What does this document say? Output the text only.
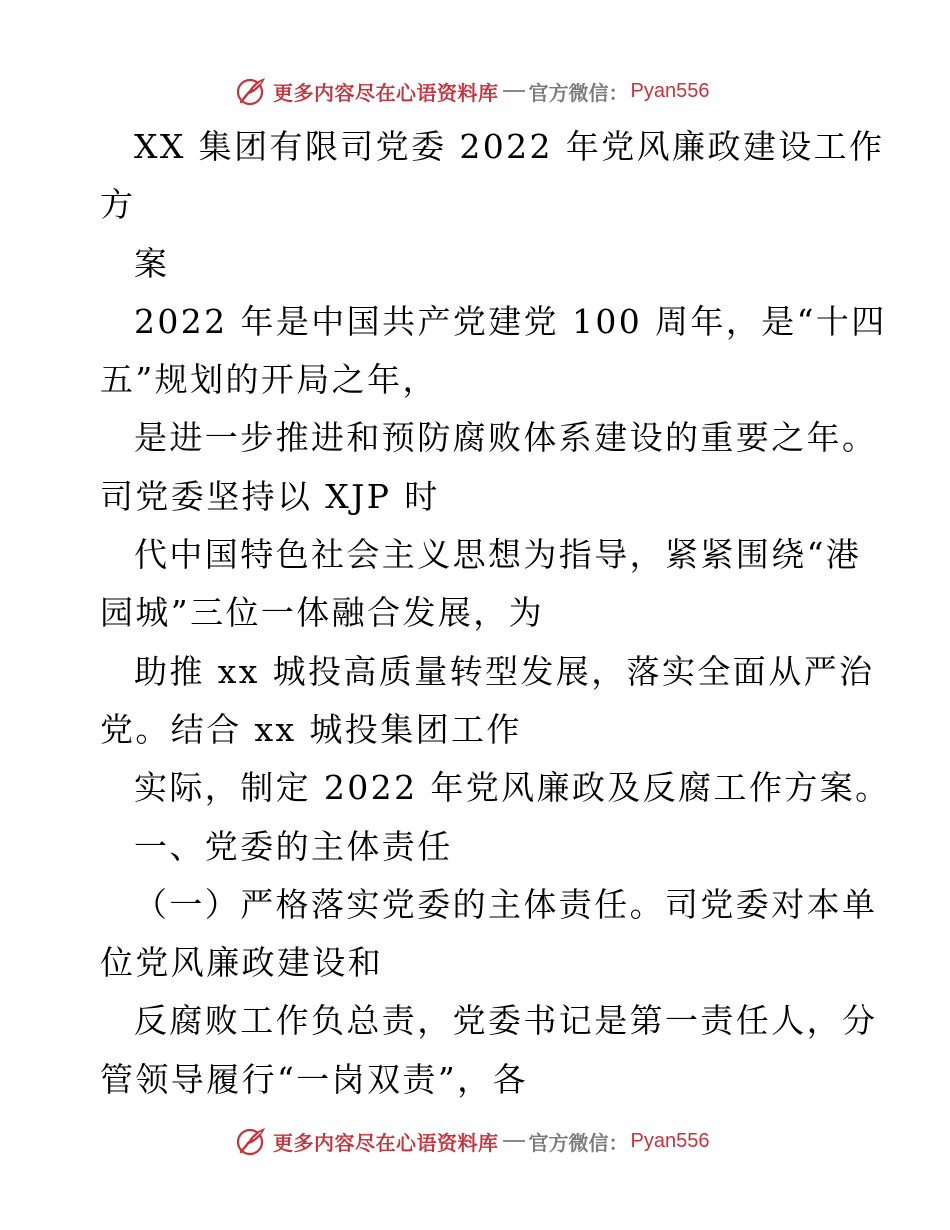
更多内容尽在心语资料库 官方微信： Pyan556
XX 集团有限司党委 2022 年党风廉政建设工作
方
案
2022 年是中国共产党建党 100 周年，是“十四
五”规划的开局之年，
是进一步推进和预防腐败体系建设的重要之年。
司党委坚持以 XJP 时
代中国特色社会主义思想为指导，紧紧围绕“港
园城”三位一体融合发展，为
助推 xx 城投高质量转型发展，落实全面从严治
党。结合 xx 城投集团工作
实际，制定 2022 年党风廉政及反腐工作方案。
一、党委的主体责任
（一）严格落实党委的主体责任。司党委对本单
位党风廉政建设和
反腐败工作负总责，党委书记是第一责任人，分
管领导履行“一岗双责”，各
更多内容尽在心语资料库 官方微信： Pyan556
